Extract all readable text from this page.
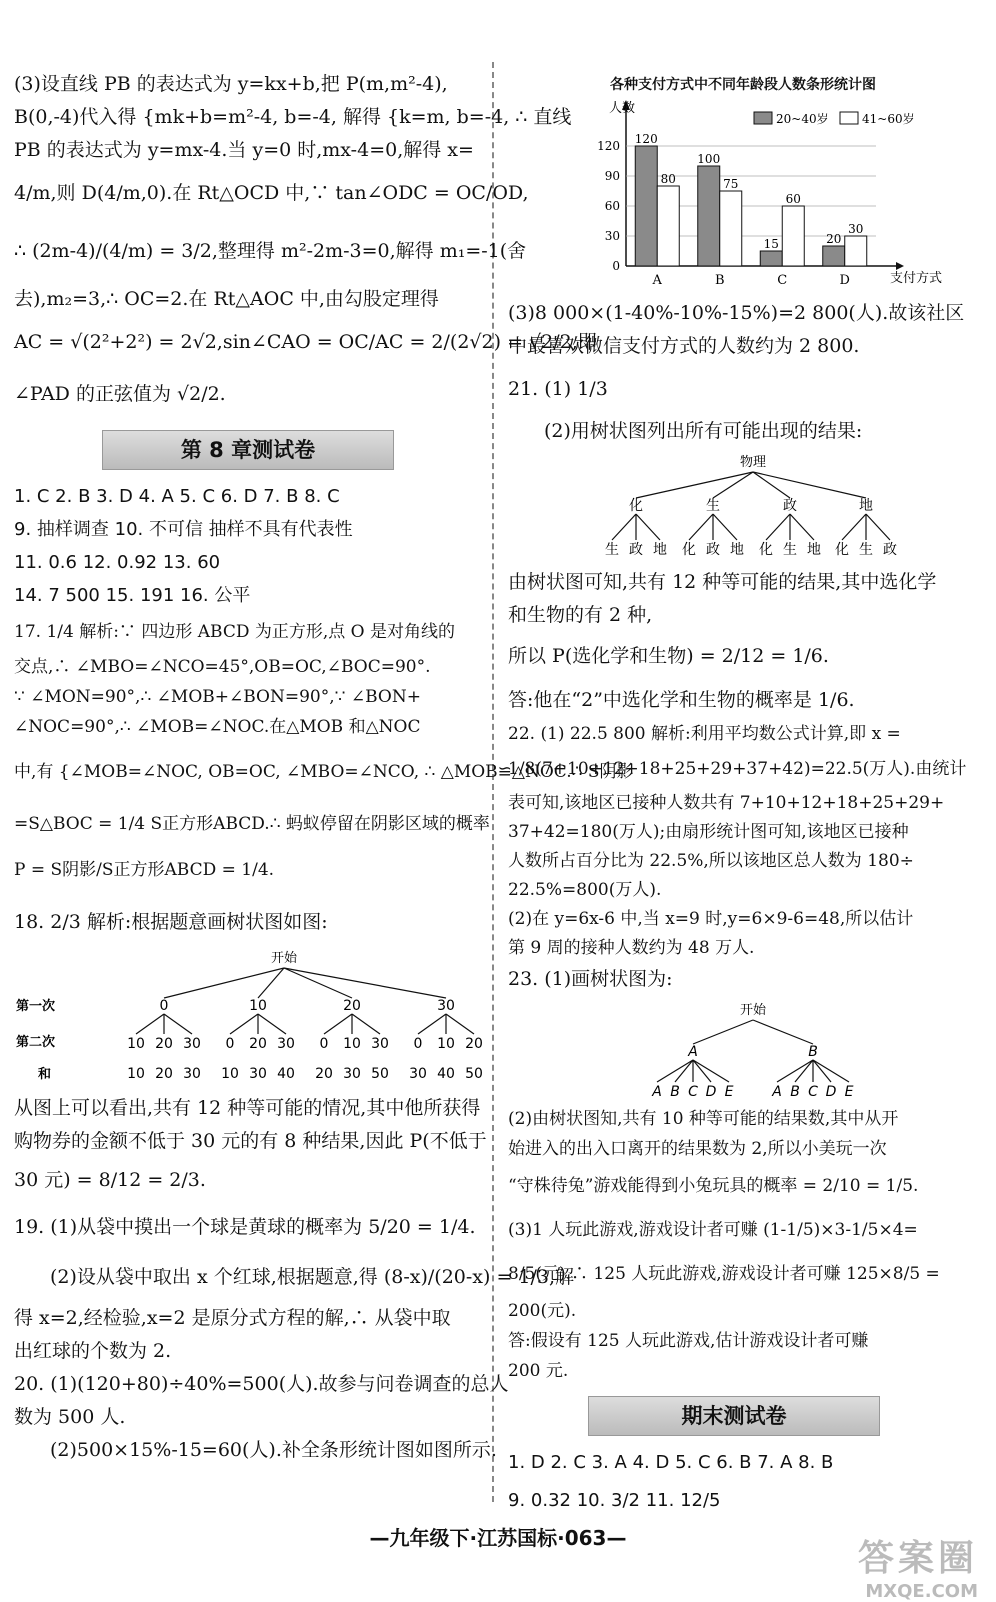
(3)设直线 PB 的表达式为 y=kx+b,把 P(m,m²-4),
B(0,-4)代入得 {mk+b=m²-4, b=-4, 解得 {k=m, b=-4, ∴ 直线
PB 的表达式为 y=mx-4.当 y=0 时,mx-4=0,解得 x=
4/m,则 D(4/m,0).在 Rt△OCD 中,∵ tan∠ODC = OC/OD,
∴ (2m-4)/(4/m) = 3/2,整理得 m²-2m-3=0,解得 m₁=-1(舍
去),m₂=3,∴ OC=2.在 Rt△AOC 中,由勾股定理得
AC = √(2²+2²) = 2√2,sin∠CAO = OC/AC = 2/(2√2) = √2/2,即
∠PAD 的正弦值为 √2/2.
第 8 章测试卷
1. C 2. B 3. D 4. A 5. C 6. D 7. B 8. C
9. 抽样调查 10. 不可信 抽样不具有代表性
11. 0.6 12. 0.92 13. 60
14. 7 500 15. 191 16. 公平
17. 1/4 解析:∵ 四边形 ABCD 为正方形,点 O 是对角线的
交点,∴ ∠MBO=∠NCO=45°,OB=OC,∠BOC=90°.
∵ ∠MON=90°,∴ ∠MOB+∠BON=90°,∵ ∠BON+
∠NOC=90°,∴ ∠MOB=∠NOC.在△MOB 和△NOC
中,有 {∠MOB=∠NOC, OB=OC, ∠MBO=∠NCO, ∴ △MOB≌△NOC.∴ S阴影
=S△BOC = 1/4 S正方形ABCD.∴ 蚂蚁停留在阴影区域的概率
P = S阴影/S正方形ABCD = 1/4.
18. 2/3 解析:根据题意画树状图如图:
开始
第一次
第二次
和
0
10
10
20
20
30
30
10
0
10
20
30
30
40
20
0
20
10
30
30
50
30
0
30
10
40
20
50
从图上可以看出,共有 12 种等可能的情况,其中他所获得
购物券的金额不低于 30 元的有 8 种结果,因此 P(不低于
30 元) = 8/12 = 2/3.
19. (1)从袋中摸出一个球是黄球的概率为 5/20 = 1/4.
(2)设从袋中取出 x 个红球,根据题意,得 (8-x)/(20-x) = 1/3,解
得 x=2,经检验,x=2 是原分式方程的解,∴ 从袋中取
出红球的个数为 2.
20. (1)(120+80)÷40%=500(人).故参与问卷调查的总人
数为 500 人.
(2)500×15%-15=60(人).补全条形统计图如图所示.
各种支付方式中不同年龄段人数条形统计图
人数
支付方式
0
30
60
90
120
A
120
80
B
100
75
C
15
60
D
20
30
20~40岁	41~60岁
(3)8 000×(1-40%-10%-15%)=2 800(人).故该社区
中最喜欢微信支付方式的人数约为 2 800.
21. (1) 1/3
(2)用树状图列出所有可能出现的结果:
物理
化
生 政 地
生
化 政 地
政
化 生 地
地
化 生 政
由树状图可知,共有 12 种等可能的结果,其中选化学
和生物的有 2 种,
所以 P(选化学和生物) = 2/12 = 1/6.
答:他在“2”中选化学和生物的概率是 1/6.
22. (1) 22.5 800 解析:利用平均数公式计算,即 x =
1/8(7+10+12+18+25+29+37+42)=22.5(万人).由统计
表可知,该地区已接种人数共有 7+10+12+18+25+29+
37+42=180(万人);由扇形统计图可知,该地区已接种
人数所占百分比为 22.5%,所以该地区总人数为 180÷
22.5%=800(万人).
(2)在 y=6x-6 中,当 x=9 时,y=6×9-6=48,所以估计
第 9 周的接种人数约为 48 万人.
23. (1)画树状图为:
开始
A
A B C D E
B
A B C D E
(2)由树状图知,共有 10 种等可能的结果数,其中从开
始进入的出入口离开的结果数为 2,所以小美玩一次
“守株待兔”游戏能得到小兔玩具的概率 = 2/10 = 1/5.
(3)1 人玩此游戏,游戏设计者可赚 (1-1/5)×3-1/5×4=
8/5(元).∴ 125 人玩此游戏,游戏设计者可赚 125×8/5 =
200(元).
答:假设有 125 人玩此游戏,估计游戏设计者可赚
200 元.
期末测试卷
1. D 2. C 3. A 4. D 5. C 6. B 7. A 8. B
9. 0.32 10. 3/2 11. 12/5
—九年级下·江苏国标·063—	答案圈
MXQE.COM
